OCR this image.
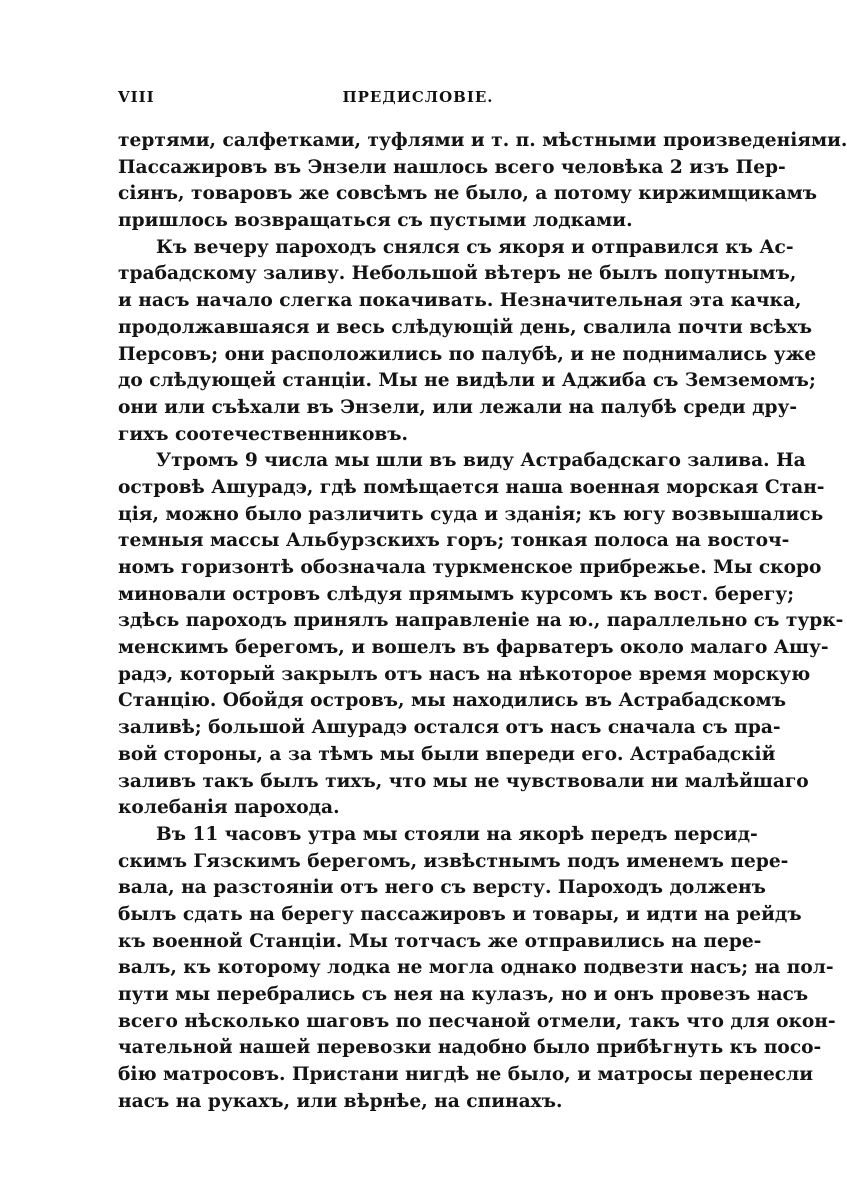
VIII	ПРЕДИСЛОВІЕ.
тертями, салфетками, туфлями и т. п. мѣстными произведеніями.
Пассажировъ въ Энзели нашлось всего человѣка 2 изъ Пер-
сіянъ, товаровъ же совсѣмъ не было, а потому киржимщикамъ
пришлось возвращаться съ пустыми лодками.
Къ вечеру пароходъ снялся съ якоря и отправился къ Ас-
трабадскому заливу. Небольшой вѣтеръ не былъ попутнымъ,
и насъ начало слегка покачивать. Незначительная эта качка,
продолжавшаяся и весь слѣдующій день, свалила почти всѣхъ
Персовъ; они расположились по палубѣ, и не поднимались уже
до слѣдующей станціи. Мы не видѣли и Аджиба съ Земземомъ;
они или съѣхали въ Энзели, или лежали на палубѣ среди дру-
гихъ соотечественниковъ.
Утромъ 9 числа мы шли въ виду Астрабадскаго залива. На
островѣ Ашурадэ, гдѣ помѣщается наша военная морская Стан-
ція, можно было различить суда и зданія; къ югу возвышались
темныя массы Альбурзскихъ горъ; тонкая полоса на восточ-
номъ горизонтѣ обозначала туркменское прибрежье. Мы скоро
миновали островъ слѣдуя прямымъ курсомъ къ вост. берегу;
здѣсь пароходъ принялъ направленіе на ю., параллельно съ турк-
менскимъ берегомъ, и вошелъ въ фарватеръ около малаго Ашу-
радэ, который закрылъ отъ насъ на нѣкоторое время морскую
Станцію. Обойдя островъ, мы находились въ Астрабадскомъ
заливѣ; большой Ашурадэ остался отъ насъ сначала съ пра-
вой стороны, а за тѣмъ мы были впереди его. Астрабадскій
заливъ такъ былъ тихъ, что мы не чувствовали ни малѣйшаго
колебанія парохода.
Въ 11 часовъ утра мы стояли на якорѣ передъ персид-
скимъ Гязскимъ берегомъ, извѣстнымъ подъ именемъ пере-
вала, на разстояніи отъ него съ версту. Пароходъ долженъ
былъ сдать на берегу пассажировъ и товары, и идти на рейдъ
къ военной Станціи. Мы тотчасъ же отправились на пере-
валъ, къ которому лодка не могла однако подвезти насъ; на пол-
пути мы перебрались съ нея на кулазъ, но и онъ провезъ насъ
всего нѣсколько шаговъ по песчаной отмели, такъ что для окон-
чательной нашей перевозки надобно было прибѣгнуть къ посо-
бію матросовъ. Пристани нигдѣ не было, и матросы перенесли
насъ на рукахъ, или вѣрнѣе, на спинахъ.
